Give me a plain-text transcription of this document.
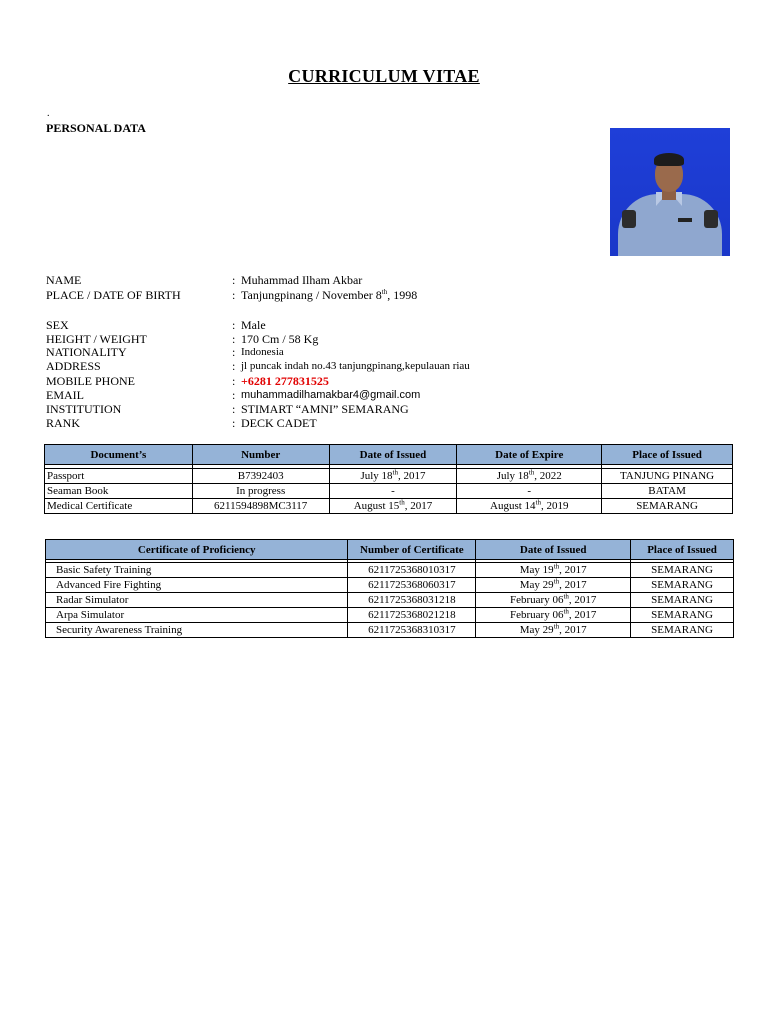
CURRICULUM VITAE
.
PERSONAL DATA
NAME	: Muhammad Ilham Akbar
PLACE / DATE OF BIRTH	: Tanjungpinang / November 8th, 1998
SEX	: Male
HEIGHT / WEIGHT	: 170 Cm / 58 Kg
NATIONALITY	: Indonesia
ADDRESS	: jl puncak indah no.43 tanjungpinang,kepulauan riau
MOBILE PHONE	: +6281 277831525
EMAIL	: muhammadilhamakbar4@gmail.com
INSTITUTION	: STIMART “AMNI” SEMARANG
RANK	: DECK CADET
Document’s	Number	Date of Issued	Date of Expire	Place of Issued

Passport	B7392403	July 18th, 2017	July 18th, 2022	TANJUNG PINANG
Seaman Book	In progress	-	-	BATAM
Medical Certificate	6211594898MC3117	August 15th, 2017	August 14th, 2019	SEMARANG
Certificate of Proficiency	Number of Certificate	Date of Issued	Place of Issued

Basic Safety Training	6211725368010317	May 19th, 2017	SEMARANG
Advanced Fire Fighting	6211725368060317	May 29th, 2017	SEMARANG
Radar Simulator	6211725368031218	February 06th, 2017	SEMARANG
Arpa Simulator	6211725368021218	February 06th, 2017	SEMARANG
Security Awareness Training	6211725368310317	May 29th, 2017	SEMARANG
